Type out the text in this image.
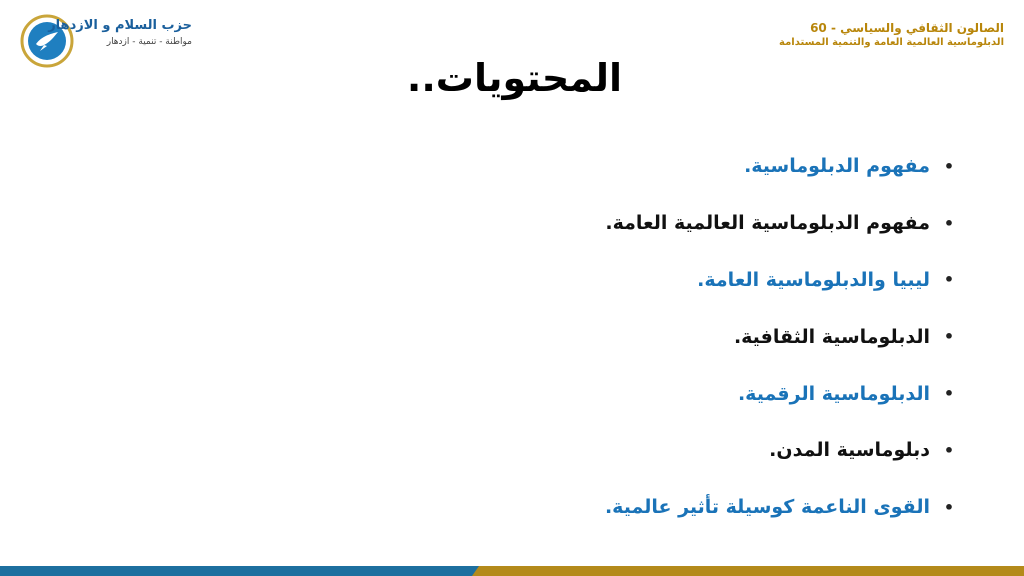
حزب السلام و الازدهار
مواطنة - تنمية - ازدهار
الصالون الثقافي والسياسي - 60
الدبلوماسية العالمية العامة والتنمية المستدامة
المحتويات..
•
مفهوم الدبلوماسية.
•
مفهوم الدبلوماسية العالمية العامة.
•
ليبيا والدبلوماسية العامة.
•
الدبلوماسية الثقافية.
•
الدبلوماسية الرقمية.
•
دبلوماسية المدن.
•
القوى الناعمة كوسيلة تأثير عالمية.
